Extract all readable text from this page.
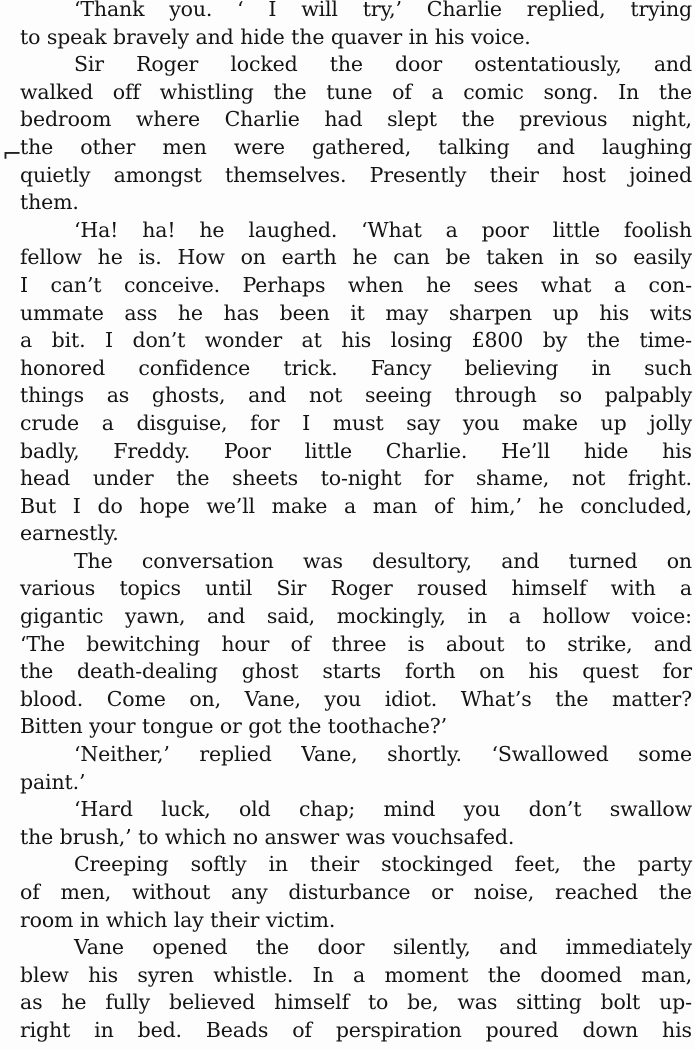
⌐
‘Thank you. ‘ I will try,’ Charlie replied, trying
to speak bravely and hide the quaver in his voice.
Sir Roger locked the door ostentatiously, and
walked off whistling the tune of a comic song. In the
bedroom where Charlie had slept the previous night,
the other men were gathered, talking and laughing
quietly amongst themselves. Presently their host joined
them.
‘Ha! ha! he laughed. ‘What a poor little foolish
fellow he is. How on earth he can be taken in so easily
I can’t conceive. Perhaps when he sees what a con-
ummate ass he has been it may sharpen up his wits
a bit. I don’t wonder at his losing £800 by the time-
honored confidence trick. Fancy believing in such
things as ghosts, and not seeing through so palpably
crude a disguise, for I must say you make up jolly
badly, Freddy. Poor little Charlie. He’ll hide his
head under the sheets to-night for shame, not fright.
But I do hope we’ll make a man of him,’ he concluded,
earnestly.
The conversation was desultory, and turned on
various topics until Sir Roger roused himself with a
gigantic yawn, and said, mockingly, in a hollow voice:
‘The bewitching hour of three is about to strike, and
the death-dealing ghost starts forth on his quest for
blood. Come on, Vane, you idiot. What’s the matter?
Bitten your tongue or got the toothache?’
‘Neither,’ replied Vane, shortly. ‘Swallowed some
paint.’
‘Hard luck, old chap; mind you don’t swallow
the brush,’ to which no answer was vouchsafed.
Creeping softly in their stockinged feet, the party
of men, without any disturbance or noise, reached the
room in which lay their victim.
Vane opened the door silently, and immediately
blew his syren whistle. In a moment the doomed man,
as he fully believed himself to be, was sitting bolt up-
right in bed. Beads of perspiration poured down his
